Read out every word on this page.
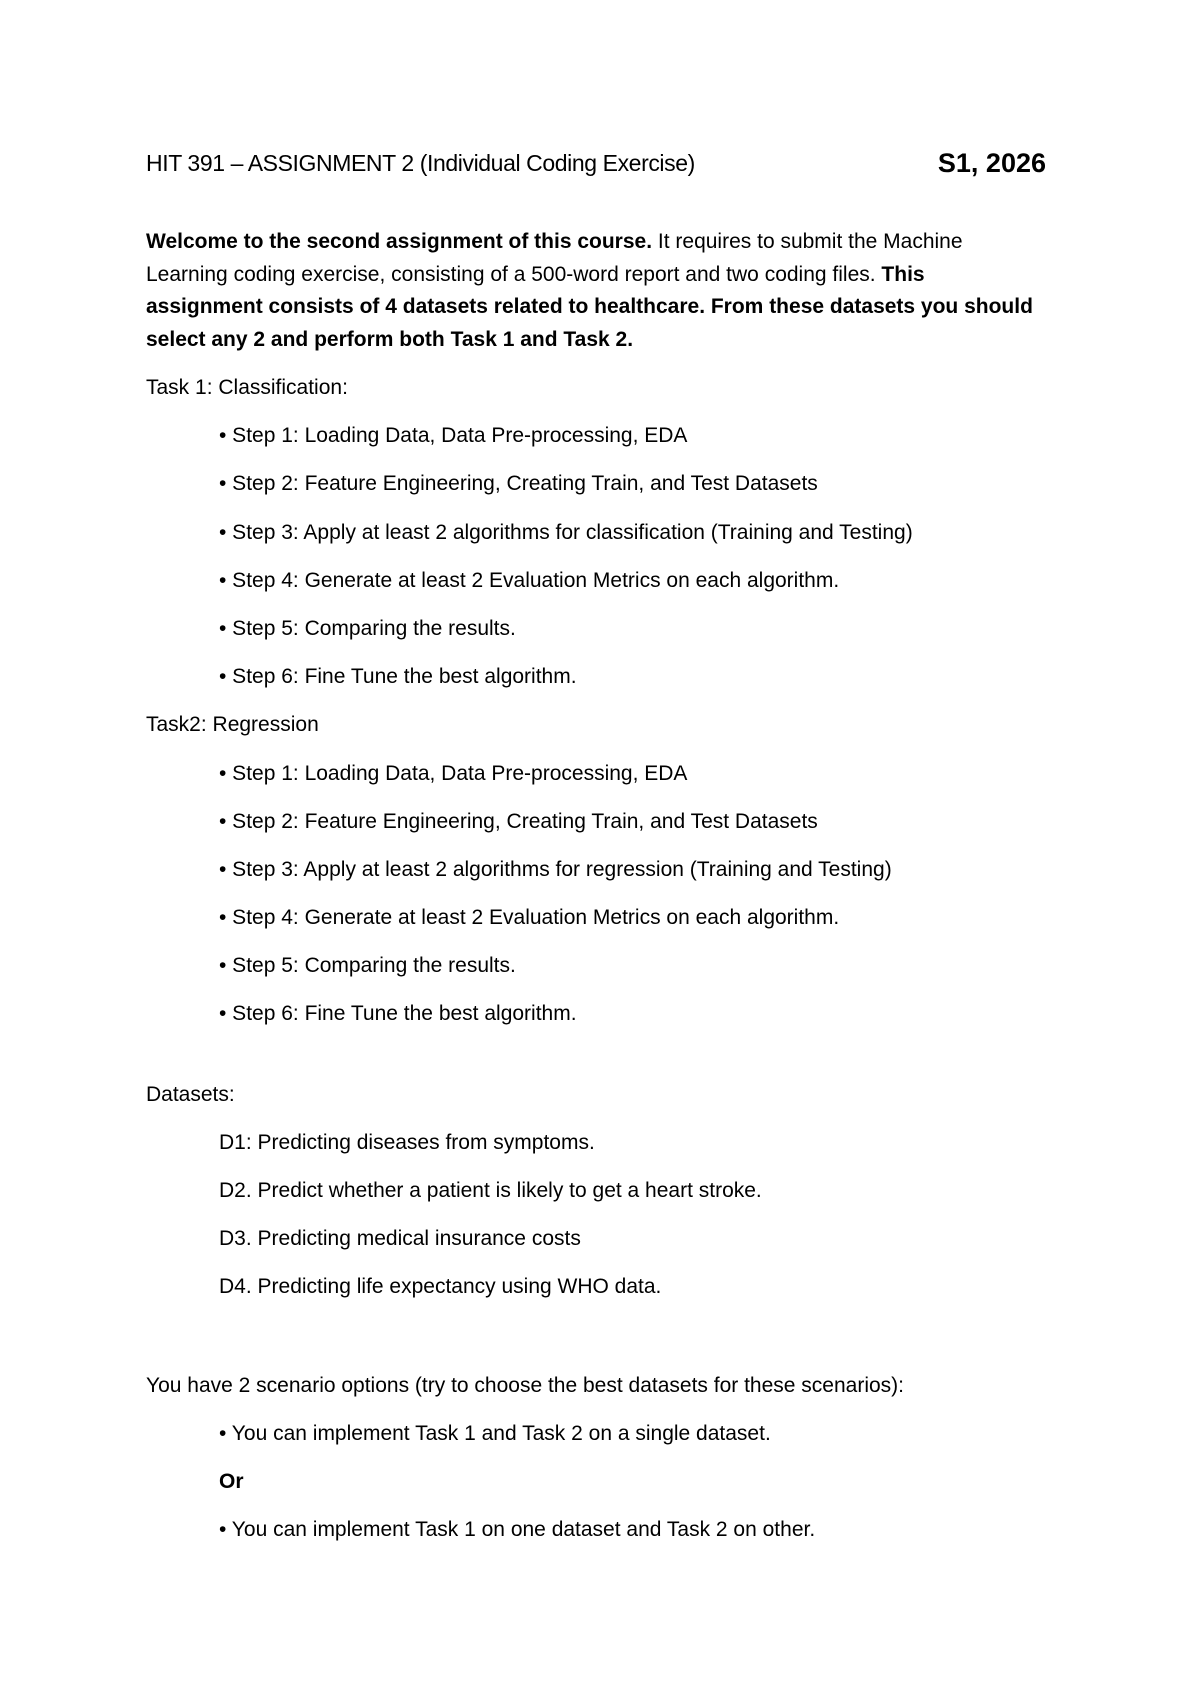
HIT 391 – ASSIGNMENT 2 (Individual Coding Exercise)	S1, 2026

Welcome to the second assignment of this course. It requires to submit the Machine Learning coding exercise, consisting of a 500-word report and two coding files. This assignment consists of 4 datasets related to healthcare. From these datasets you should select any 2 and perform both Task 1 and Task 2.

Task 1: Classification:
• Step 1: Loading Data, Data Pre-processing, EDA
• Step 2: Feature Engineering, Creating Train, and Test Datasets
• Step 3: Apply at least 2 algorithms for classification (Training and Testing)
• Step 4: Generate at least 2 Evaluation Metrics on each algorithm.
• Step 5: Comparing the results.
• Step 6: Fine Tune the best algorithm.
Task2: Regression
• Step 1: Loading Data, Data Pre-processing, EDA
• Step 2: Feature Engineering, Creating Train, and Test Datasets
• Step 3: Apply at least 2 algorithms for regression (Training and Testing)
• Step 4: Generate at least 2 Evaluation Metrics on each algorithm.
• Step 5: Comparing the results.
• Step 6: Fine Tune the best algorithm.
Datasets:
D1: Predicting diseases from symptoms.
D2. Predict whether a patient is likely to get a heart stroke.
D3. Predicting medical insurance costs
D4. Predicting life expectancy using WHO data.
You have 2 scenario options (try to choose the best datasets for these scenarios):
• You can implement Task 1 and Task 2 on a single dataset.
Or
• You can implement Task 1 on one dataset and Task 2 on other.
